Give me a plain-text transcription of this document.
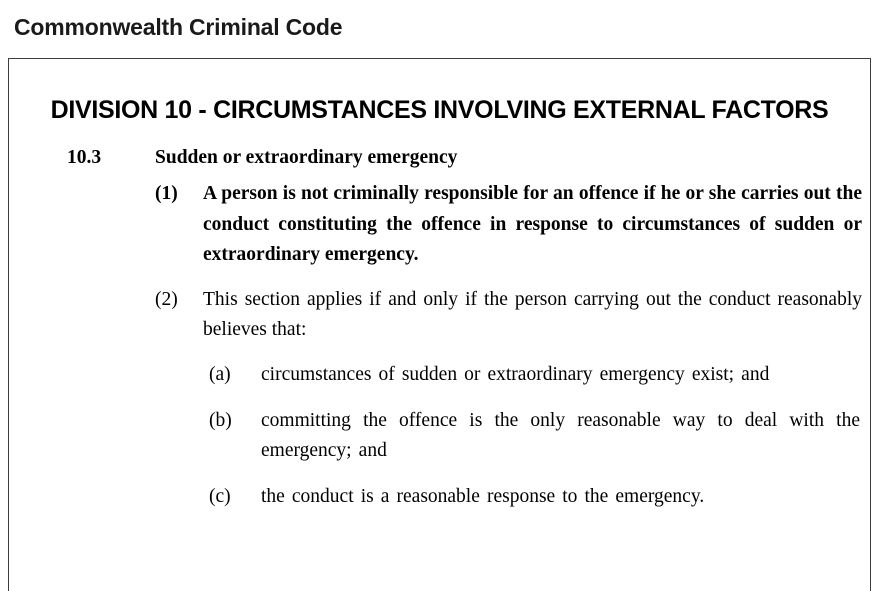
Commonwealth Criminal Code
DIVISION 10 - CIRCUMSTANCES INVOLVING EXTERNAL FACTORS
10.3	Sudden or extraordinary emergency
(1)	A person is not criminally responsible for an offence if he or she carries out the conduct constituting the offence in response to circumstances of sudden or extraordinary emergency.
(2)	This section applies if and only if the person carrying out the conduct reasonably believes that:
(a)	circumstances of sudden or extraordinary emergency exist; and
(b)	committing the offence is the only reasonable way to deal with the emergency; and
(c)	the conduct is a reasonable response to the emergency.
